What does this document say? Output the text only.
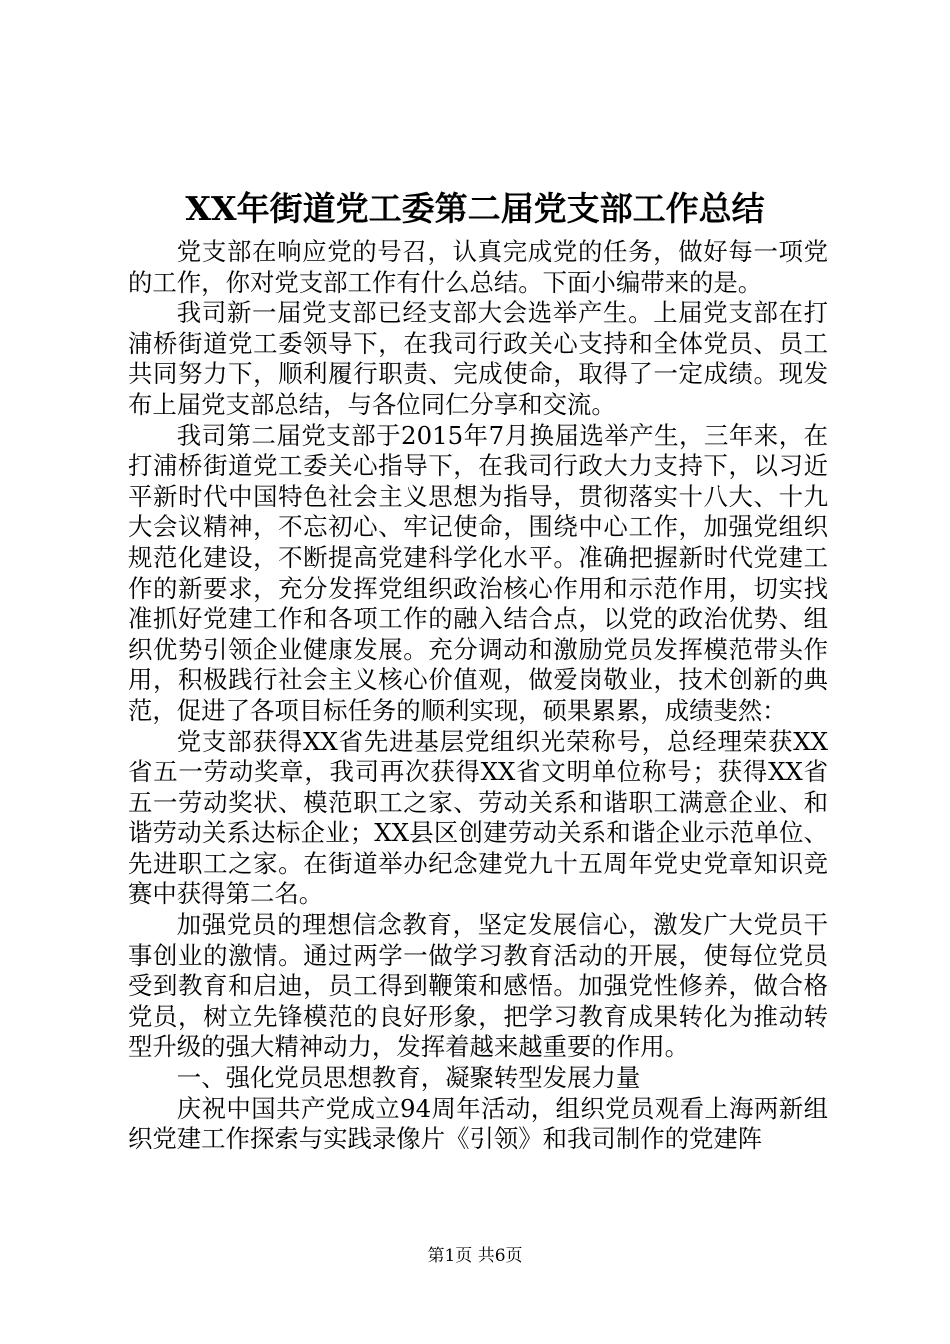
XX年街道党工委第二届党支部工作总结

党支部在响应党的号召，认真完成党的任务，做好每一项党的工作，你对党支部工作有什么总结。下面小编带来的是。

我司新一届党支部已经支部大会选举产生。上届党支部在打浦桥街道党工委领导下，在我司行政关心支持和全体党员、员工共同努力下，顺利履行职责、完成使命，取得了一定成绩。现发布上届党支部总结，与各位同仁分享和交流。

我司第二届党支部于2015年7月换届选举产生，三年来，在打浦桥街道党工委关心指导下，在我司行政大力支持下，以习近平新时代中国特色社会主义思想为指导，贯彻落实十八大、十九大会议精神，不忘初心、牢记使命，围绕中心工作，加强党组织规范化建设，不断提高党建科学化水平。准确把握新时代党建工作的新要求，充分发挥党组织政治核心作用和示范作用，切实找准抓好党建工作和各项工作的融入结合点，以党的政治优势、组织优势引领企业健康发展。充分调动和激励党员发挥模范带头作用，积极践行社会主义核心价值观，做爱岗敬业，技术创新的典范，促进了各项目标任务的顺利实现，硕果累累，成绩斐然：

党支部获得XX省先进基层党组织光荣称号，总经理荣获XX省五一劳动奖章，我司再次获得XX省文明单位称号；获得XX省五一劳动奖状、模范职工之家、劳动关系和谐职工满意企业、和谐劳动关系达标企业；XX县区创建劳动关系和谐企业示范单位、先进职工之家。在街道举办纪念建党九十五周年党史党章知识竞赛中获得第二名。

加强党员的理想信念教育，坚定发展信心，激发广大党员干事创业的激情。通过两学一做学习教育活动的开展，使每位党员受到教育和启迪，员工得到鞭策和感悟。加强党性修养，做合格党员，树立先锋模范的良好形象，把学习教育成果转化为推动转型升级的强大精神动力，发挥着越来越重要的作用。

一、强化党员思想教育，凝聚转型发展力量

庆祝中国共产党成立94周年活动，组织党员观看上海两新组织党建工作探索与实践录像片《引领》和我司制作的党建阵

第1页 共6页
